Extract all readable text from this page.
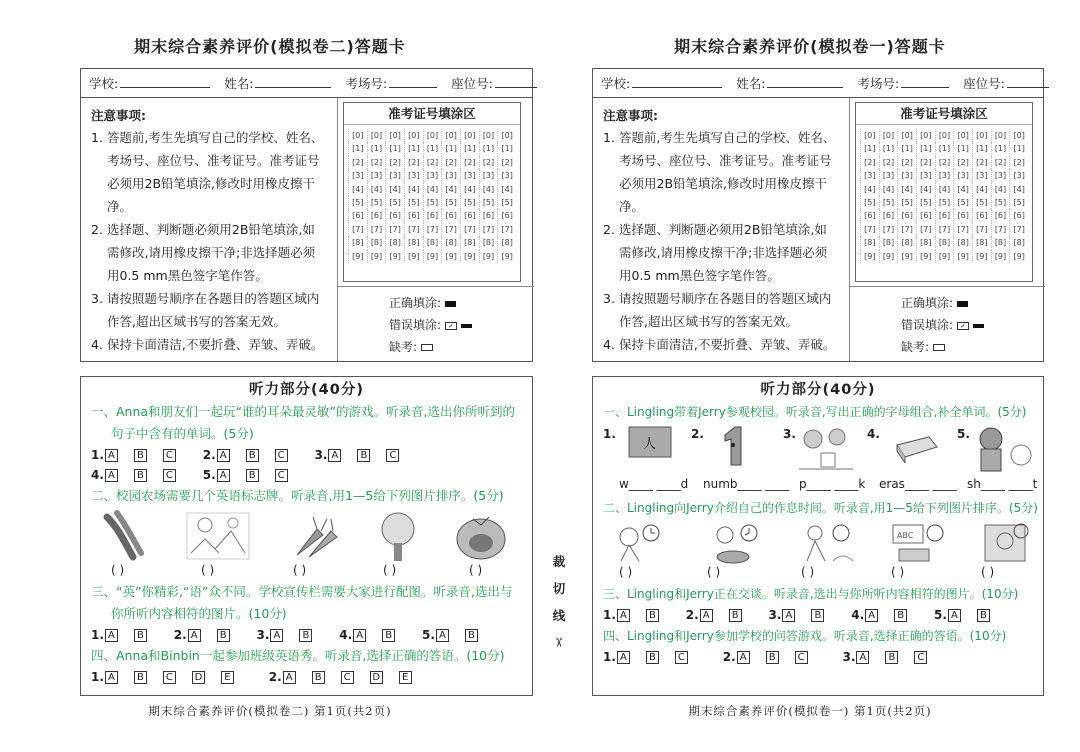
期末综合素养评价(模拟卷二)答题卡
学校:	姓名:	考场号:	座位号:
注意事项:
1. 答题前,考生先填写自己的学校、姓名、考场号、座位号、准考证号。准考证号必须用2B铅笔填涂,修改时用橡皮擦干净。
2. 选择题、判断题必须用2B铅笔填涂,如需修改,请用橡皮擦干净;非选择题必须用0.5 mm黑色签字笔作答。
3. 请按照题号顺序在各题目的答题区域内作答,超出区域书写的答案无效。
4. 保持卡面清洁,不要折叠、弄皱、弄破。
准考证号填涂区
[0] [0] [0] [0] [0] [0] [0] [0] [0]
[1] [1] [1] [1] [1] [1] [1] [1] [1]
[2] [2] [2] [2] [2] [2] [2] [2] [2]
[3] [3] [3] [3] [3] [3] [3] [3] [3]
[4] [4] [4] [4] [4] [4] [4] [4] [4]
[5] [5] [5] [5] [5] [5] [5] [5] [5]
[6] [6] [6] [6] [6] [6] [6] [6] [6]
[7] [7] [7] [7] [7] [7] [7] [7] [7]
[8] [8] [8] [8] [8] [8] [8] [8] [8]
[9] [9] [9] [9] [9] [9] [9] [9] [9]
正确填涂:
错误填涂: ✓
缺考:
听力部分(40分)
一、Anna和朋友们一起玩“谁的耳朵最灵敏”的游戏。听录音,选出你所听到的
句子中含有的单词。(5分)
1. A B C 2. A B C 3. A B C
4. A B C 5. A B C
二、校园农场需要几个英语标志牌。听录音,用1—5给下列图片排序。(5分)
( )	( )	( )	( )	( )
三、“英”你精彩,“语”众不同。学校宣传栏需要大家进行配图。听录音,选出与
你所听内容相符的图片。(10分)
1. A B 2. A B 3. A B 4. A B 5. A B
四、Anna和Binbin一起参加班级英语秀。听录音,选择正确的答语。(10分)
1. A B C D E	2. A B C D E
期末综合素养评价(模拟卷二) 第1页(共2页)
裁
切
线
✂
期末综合素养评价(模拟卷一)答题卡
学校:	姓名:	考场号:	座位号:
注意事项:
1. 答题前,考生先填写自己的学校、姓名、考场号、座位号、准考证号。准考证号必须用2B铅笔填涂,修改时用橡皮擦干净。
2. 选择题、判断题必须用2B铅笔填涂,如需修改,请用橡皮擦干净;非选择题必须用0.5 mm黑色签字笔作答。
3. 请按照题号顺序在各题目的答题区域内作答,超出区域书写的答案无效。
4. 保持卡面清洁,不要折叠、弄皱、弄破。
准考证号填涂区
[0] [0] [0] [0] [0] [0] [0] [0] [0]
[1] [1] [1] [1] [1] [1] [1] [1] [1]
[2] [2] [2] [2] [2] [2] [2] [2] [2]
[3] [3] [3] [3] [3] [3] [3] [3] [3]
[4] [4] [4] [4] [4] [4] [4] [4] [4]
[5] [5] [5] [5] [5] [5] [5] [5] [5]
[6] [6] [6] [6] [6] [6] [6] [6] [6]
[7] [7] [7] [7] [7] [7] [7] [7] [7]
[8] [8] [8] [8] [8] [8] [8] [8] [8]
[9] [9] [9] [9] [9] [9] [9] [9] [9]
正确填涂:
错误填涂: ✓
缺考:
听力部分(40分)
一、Lingling带着Jerry参观校园。听录音,写出正确的字母组合,补全单词。(5分)
1.
人
2.	3.	4.	5.
w____ ____d numb____ ____ p____ ____k eras____ ____ sh____ ____t
二、Lingling向Jerry介绍自己的作息时间。听录音,用1—5给下列图片排序。(5分)
ABC
( )	( )	( )	( )	( )
三、Lingling和Jerry正在交谈。听录音,选出与你所听内容相符的图片。(10分)
1. A B 2. A B 3. A B 4. A B 5. A B
四、Lingling和Jerry参加学校的问答游戏。听录音,选择正确的答语。(10分)
1. A B C	2. A B C	3. A B C
期末综合素养评价(模拟卷一) 第1页(共2页)
